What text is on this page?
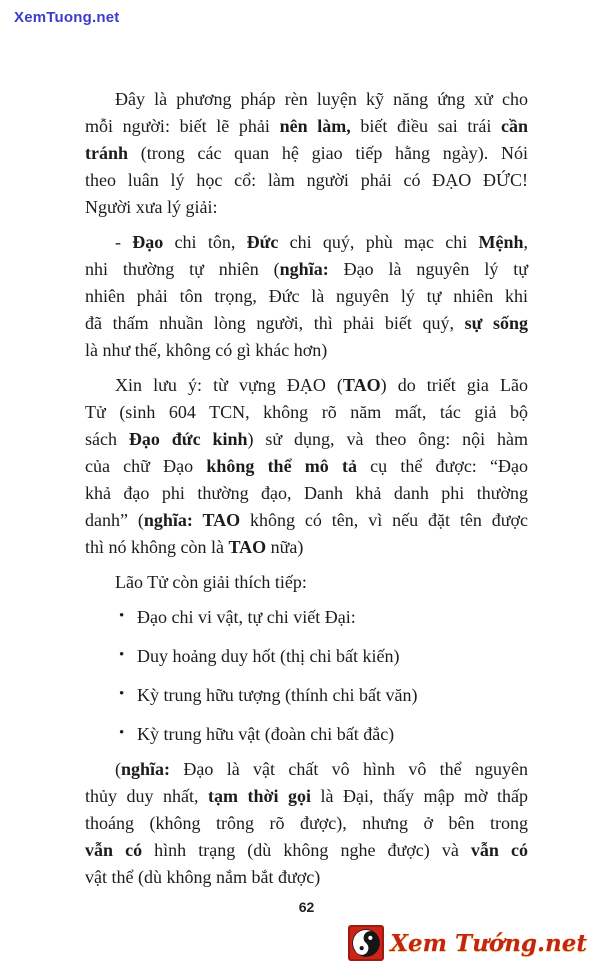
XemTuong.net
Đây là phương pháp rèn luyện kỹ năng ứng xử cho
mỗi người: biết lẽ phải nên làm, biết điều sai trái cần
tránh (trong các quan hệ giao tiếp hằng ngày). Nói
theo luân lý học cổ: làm người phải có ĐẠO ĐỨC!
Người xưa lý giải:
- Đạo chi tôn, Đức chi quý, phù mạc chi Mệnh,
nhi thường tự nhiên (nghĩa: Đạo là nguyên lý tự
nhiên phải tôn trọng, Đức là nguyên lý tự nhiên khi
đã thấm nhuần lòng người, thì phải biết quý, sự sống
là như thế, không có gì khác hơn)
Xin lưu ý: từ vựng ĐẠO (TAO) do triết gia Lão
Tử (sinh 604 TCN, không rõ năm mất, tác giả bộ
sách Đạo đức kinh) sử dụng, và theo ông: nội hàm
của chữ Đạo không thể mô tả cụ thể được: “Đạo
khả đạo phi thường đạo, Danh khả danh phi thường
danh” (nghĩa: TAO không có tên, vì nếu đặt tên được
thì nó không còn là TAO nữa)
Lão Tử còn giải thích tiếp:
• Đạo chi vi vật, tự chi viết Đại:
• Duy hoảng duy hốt (thị chi bất kiến)
• Kỳ trung hữu tượng (thính chi bất văn)
• Kỳ trung hữu vật (đoàn chi bất đắc)
(nghĩa: Đạo là vật chất vô hình vô thể nguyên
thủy duy nhất, tạm thời gọi là Đại, thấy mập mờ thấp
thoáng (không trông rõ được), nhưng ở bên trong
vẫn có hình trạng (dù không nghe được) và vẫn có
vật thể (dù không nắm bắt được)
62
Xem Tướng.net
